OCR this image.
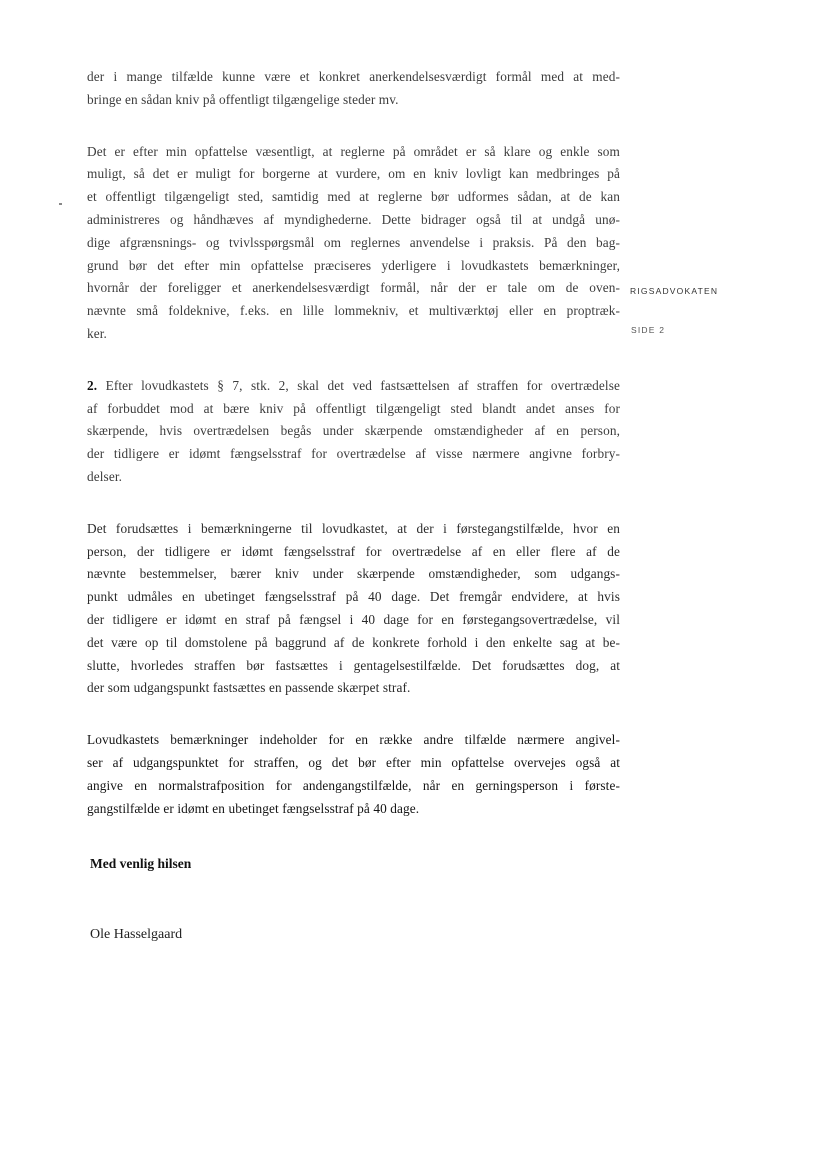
der i mange tilfælde kunne være et konkret anerkendelsesværdigt formål med at med-
bringe en sådan kniv på offentligt tilgængelige steder mv.

Det er efter min opfattelse væsentligt, at reglerne på området er så klare og enkle som
muligt, så det er muligt for borgerne at vurdere, om en kniv lovligt kan medbringes på
et offentligt tilgængeligt sted, samtidig med at reglerne bør udformes sådan, at de kan
administreres og håndhæves af myndighederne. Dette bidrager også til at undgå unø-
dige afgrænsnings- og tvivlsspørgsmål om reglernes anvendelse i praksis. På den bag-
grund bør det efter min opfattelse præciseres yderligere i lovudkastets bemærkninger,
hvornår der foreligger et anerkendelsesværdigt formål, når der er tale om de oven-
nævnte små foldeknive, f.eks. en lille lommekniv, et multiværktøj eller en proptræk-
ker.

2. Efter lovudkastets § 7, stk. 2, skal det ved fastsættelsen af straffen for overtrædelse
af forbuddet mod at bære kniv på offentligt tilgængeligt sted blandt andet anses for
skærpende, hvis overtrædelsen begås under skærpende omstændigheder af en person,
der tidligere er idømt fængselsstraf for overtrædelse af visse nærmere angivne forbry-
delser.

Det forudsættes i bemærkningerne til lovudkastet, at der i førstegangstilfælde, hvor en
person, der tidligere er idømt fængselsstraf for overtrædelse af en eller flere af de
nævnte bestemmelser, bærer kniv under skærpende omstændigheder, som udgangs-
punkt udmåles en ubetinget fængselsstraf på 40 dage. Det fremgår endvidere, at hvis
der tidligere er idømt en straf på fængsel i 40 dage for en førstegangsovertrædelse, vil
det være op til domstolene på baggrund af de konkrete forhold i den enkelte sag at be-
slutte, hvorledes straffen bør fastsættes i gentagelsestilfælde. Det forudsættes dog, at
der som udgangspunkt fastsættes en passende skærpet straf.

Lovudkastets bemærkninger indeholder for en række andre tilfælde nærmere angivel-
ser af udgangspunktet for straffen, og det bør efter min opfattelse overvejes også at
angive en normalstrafposition for andengangstilfælde, når en gerningsperson i første-
gangstilfælde er idømt en ubetinget fængselsstraf på 40 dage.

Med venlig hilsen
Ole Hasselgaard
RIGSADVOKATEN
SIDE 2
